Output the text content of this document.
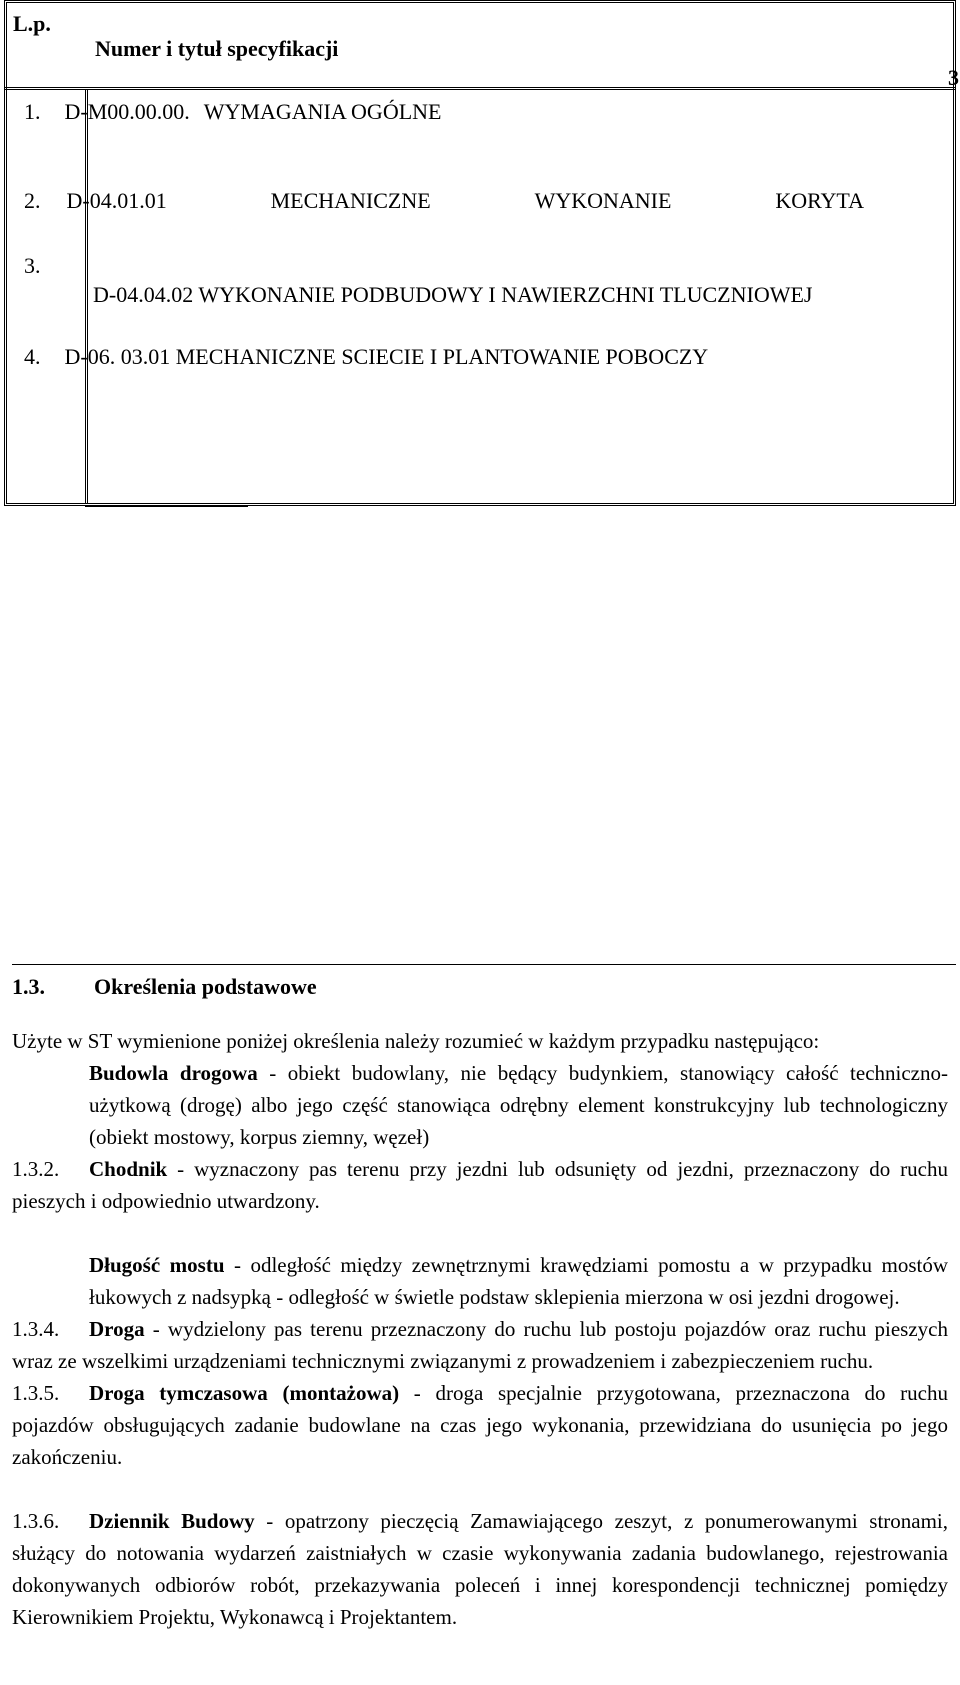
L.p.
Numer i tytuł specyfikacji
3
1. D-M00.00.00. WYMAGANIA OGÓLNE
2. D-04.01.01	MECHANICZNE	WYKONANIE	KORYTA
3.
D-04.04.02 WYKONANIE PODBUDOWY I NAWIERZCHNI TLUCZNIOWEJ
4. D-06. 03.01 MECHANICZNE SCIECIE I PLANTOWANIE POBOCZY
1.3. Określenia podstawowe

Użyte w ST wymienione poniżej określenia należy rozumieć w każdym przypadku następująco:

Budowla drogowa - obiekt budowlany, nie będący budynkiem, stanowiący całość techniczno-użytkową (drogę) albo jego część stanowiąca odrębny element konstrukcyjny lub technologiczny (obiekt mostowy, korpus ziemny, węzeł)

1.3.2. Chodnik - wyznaczony pas terenu przy jezdni lub odsunięty od jezdni, przeznaczony do ruchu pieszych i odpowiednio utwardzony.

Długość mostu - odległość między zewnętrznymi krawędziami pomostu a w przypadku mostów łukowych z nadsypką - odległość w świetle podstaw sklepienia mierzona w osi jezdni drogowej.

1.3.4. Droga - wydzielony pas terenu przeznaczony do ruchu lub postoju pojazdów oraz ruchu pieszych wraz ze wszelkimi urządzeniami technicznymi związanymi z prowadzeniem i zabezpieczeniem ruchu.

1.3.5. Droga tymczasowa (montażowa) - droga specjalnie przygotowana, przeznaczona do ruchu pojazdów obsługujących zadanie budowlane na czas jego wykonania, przewidziana do usunięcia po jego zakończeniu.

1.3.6. Dziennik Budowy - opatrzony pieczęcią Zamawiającego zeszyt, z ponumerowanymi stronami, służący do notowania wydarzeń zaistniałych w czasie wykonywania zadania budowlanego, rejestrowania dokonywanych odbiorów robót, przekazywania poleceń i innej korespondencji technicznej pomiędzy Kierownikiem Projektu, Wykonawcą i Projektantem.
